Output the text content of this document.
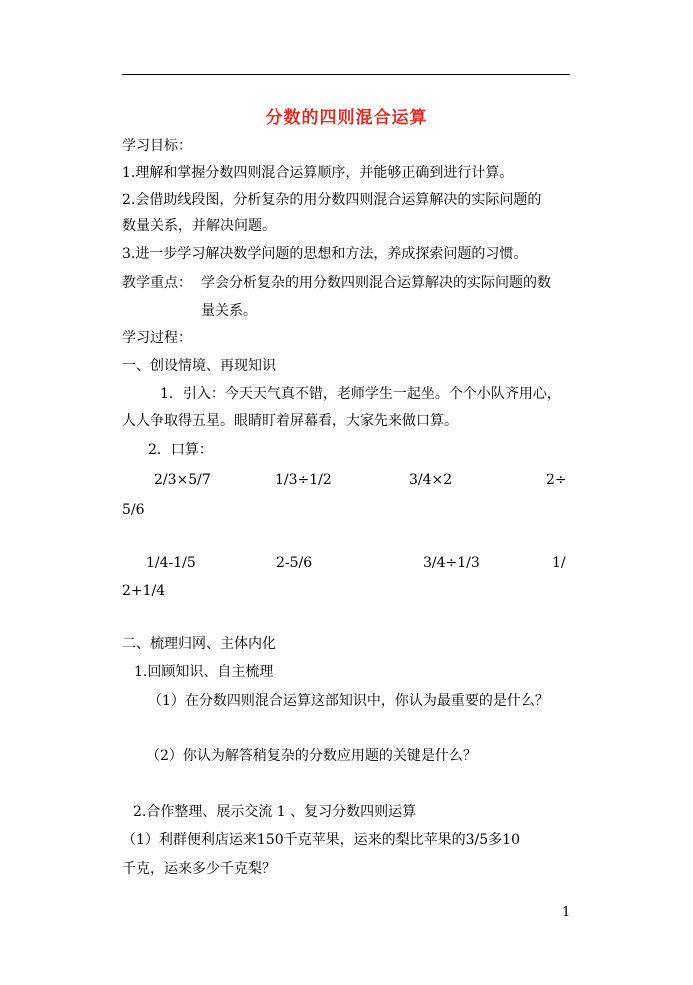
分数的四则混合运算
学习目标：
1.理解和掌握分数四则混合运算顺序，并能够正确到进行计算。
2.会借助线段图，分析复杂的用分数四则混合运算解决的实际问题的
数量关系，并解决问题。
3.进一步学习解决数学问题的思想和方法，养成探索问题的习惯。
教学重点： 学会分析复杂的用分数四则混合运算解决的实际问题的数
量关系。
学习过程：
一、创设情境、再现知识
1．引入：今天天气真不错，老师学生一起坐。个个小队齐用心，
人人争取得五星。眼睛盯着屏幕看，大家先来做口算。
2．口算：
2/3×5/7	1/3÷1/2	3/4×2	2÷
5/6
1/4-1/5	2-5/6	3/4÷1/3	1/
2+1/4
二、梳理归网、主体内化
1.回顾知识、自主梳理
（1）在分数四则混合运算这部知识中，你认为最重要的是什么？
（2）你认为解答稍复杂的分数应用题的关键是什么？
2.合作整理、展示交流 1 、复习分数四则运算
（1）利群便利店运来150千克苹果，运来的梨比苹果的3/5多10
千克，运来多少千克梨？
1
